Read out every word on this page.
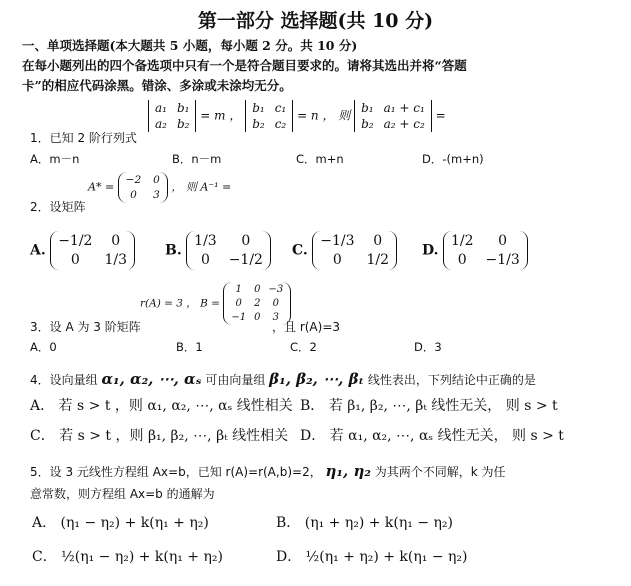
第一部分 选择题(共 10 分)
一、单项选择题(本大题共 5 小题，每小题 2 分。共 10 分)
在每小题列出的四个备选项中只有一个是符合题目要求的。请将其选出并将“答题
卡”的相应代码涂黑。错涂、多涂或未涂均无分。
1．已知 2 阶行列式
a₁ b₁
a₂ b₂
= m ，
b₁ c₁
b₂ c₂
= n ， 则
b₁ a₁ + c₁
b₂ a₂ + c₂
=
A．m－n	B．n－m	C．m+n	D．-(m+n)
A* =
−2 0
0	3
， 则 A⁻¹ =
2．设矩阵
A.
−1/2	0
0	1/3
B.
1/3	0
0	−1/2
C.
−1/3	0
0	1/2
D.
1/2	0
0	−1/3
r(A) = 3 ， B =
1	0 −3
0	2	0
−1 0	3
3．设 A 为 3 阶矩阵	，且 r(A)=3
A．0	B．1	C．2	D．3
4．设向量组 α₁, α₂, ⋯, αₛ 可由向量组 β₁, β₂, ⋯, βₜ 线性表出，下列结论中正确的是
A． 若 s > t ，则 α₁, α₂, ⋯, αₛ 线性相关 B． 若 β₁, β₂, ⋯, βₜ 线性无关， 则 s > t
C． 若 s > t ，则 β₁, β₂, ⋯, βₜ 线性相关 D． 若 α₁, α₂, ⋯, αₛ 线性无关， 则 s > t
5．设 3 元线性方程组 Ax=b，已知 r(A)=r(A,b)=2， η₁, η₂ 为其两个不同解，k 为任
意常数，则方程组 Ax=b 的通解为
A． (η₁ − η₂) + k(η₁ + η₂)	B． (η₁ + η₂) + k(η₁ − η₂)
C． ½(η₁ − η₂) + k(η₁ + η₂)	D． ½(η₁ + η₂) + k(η₁ − η₂)
